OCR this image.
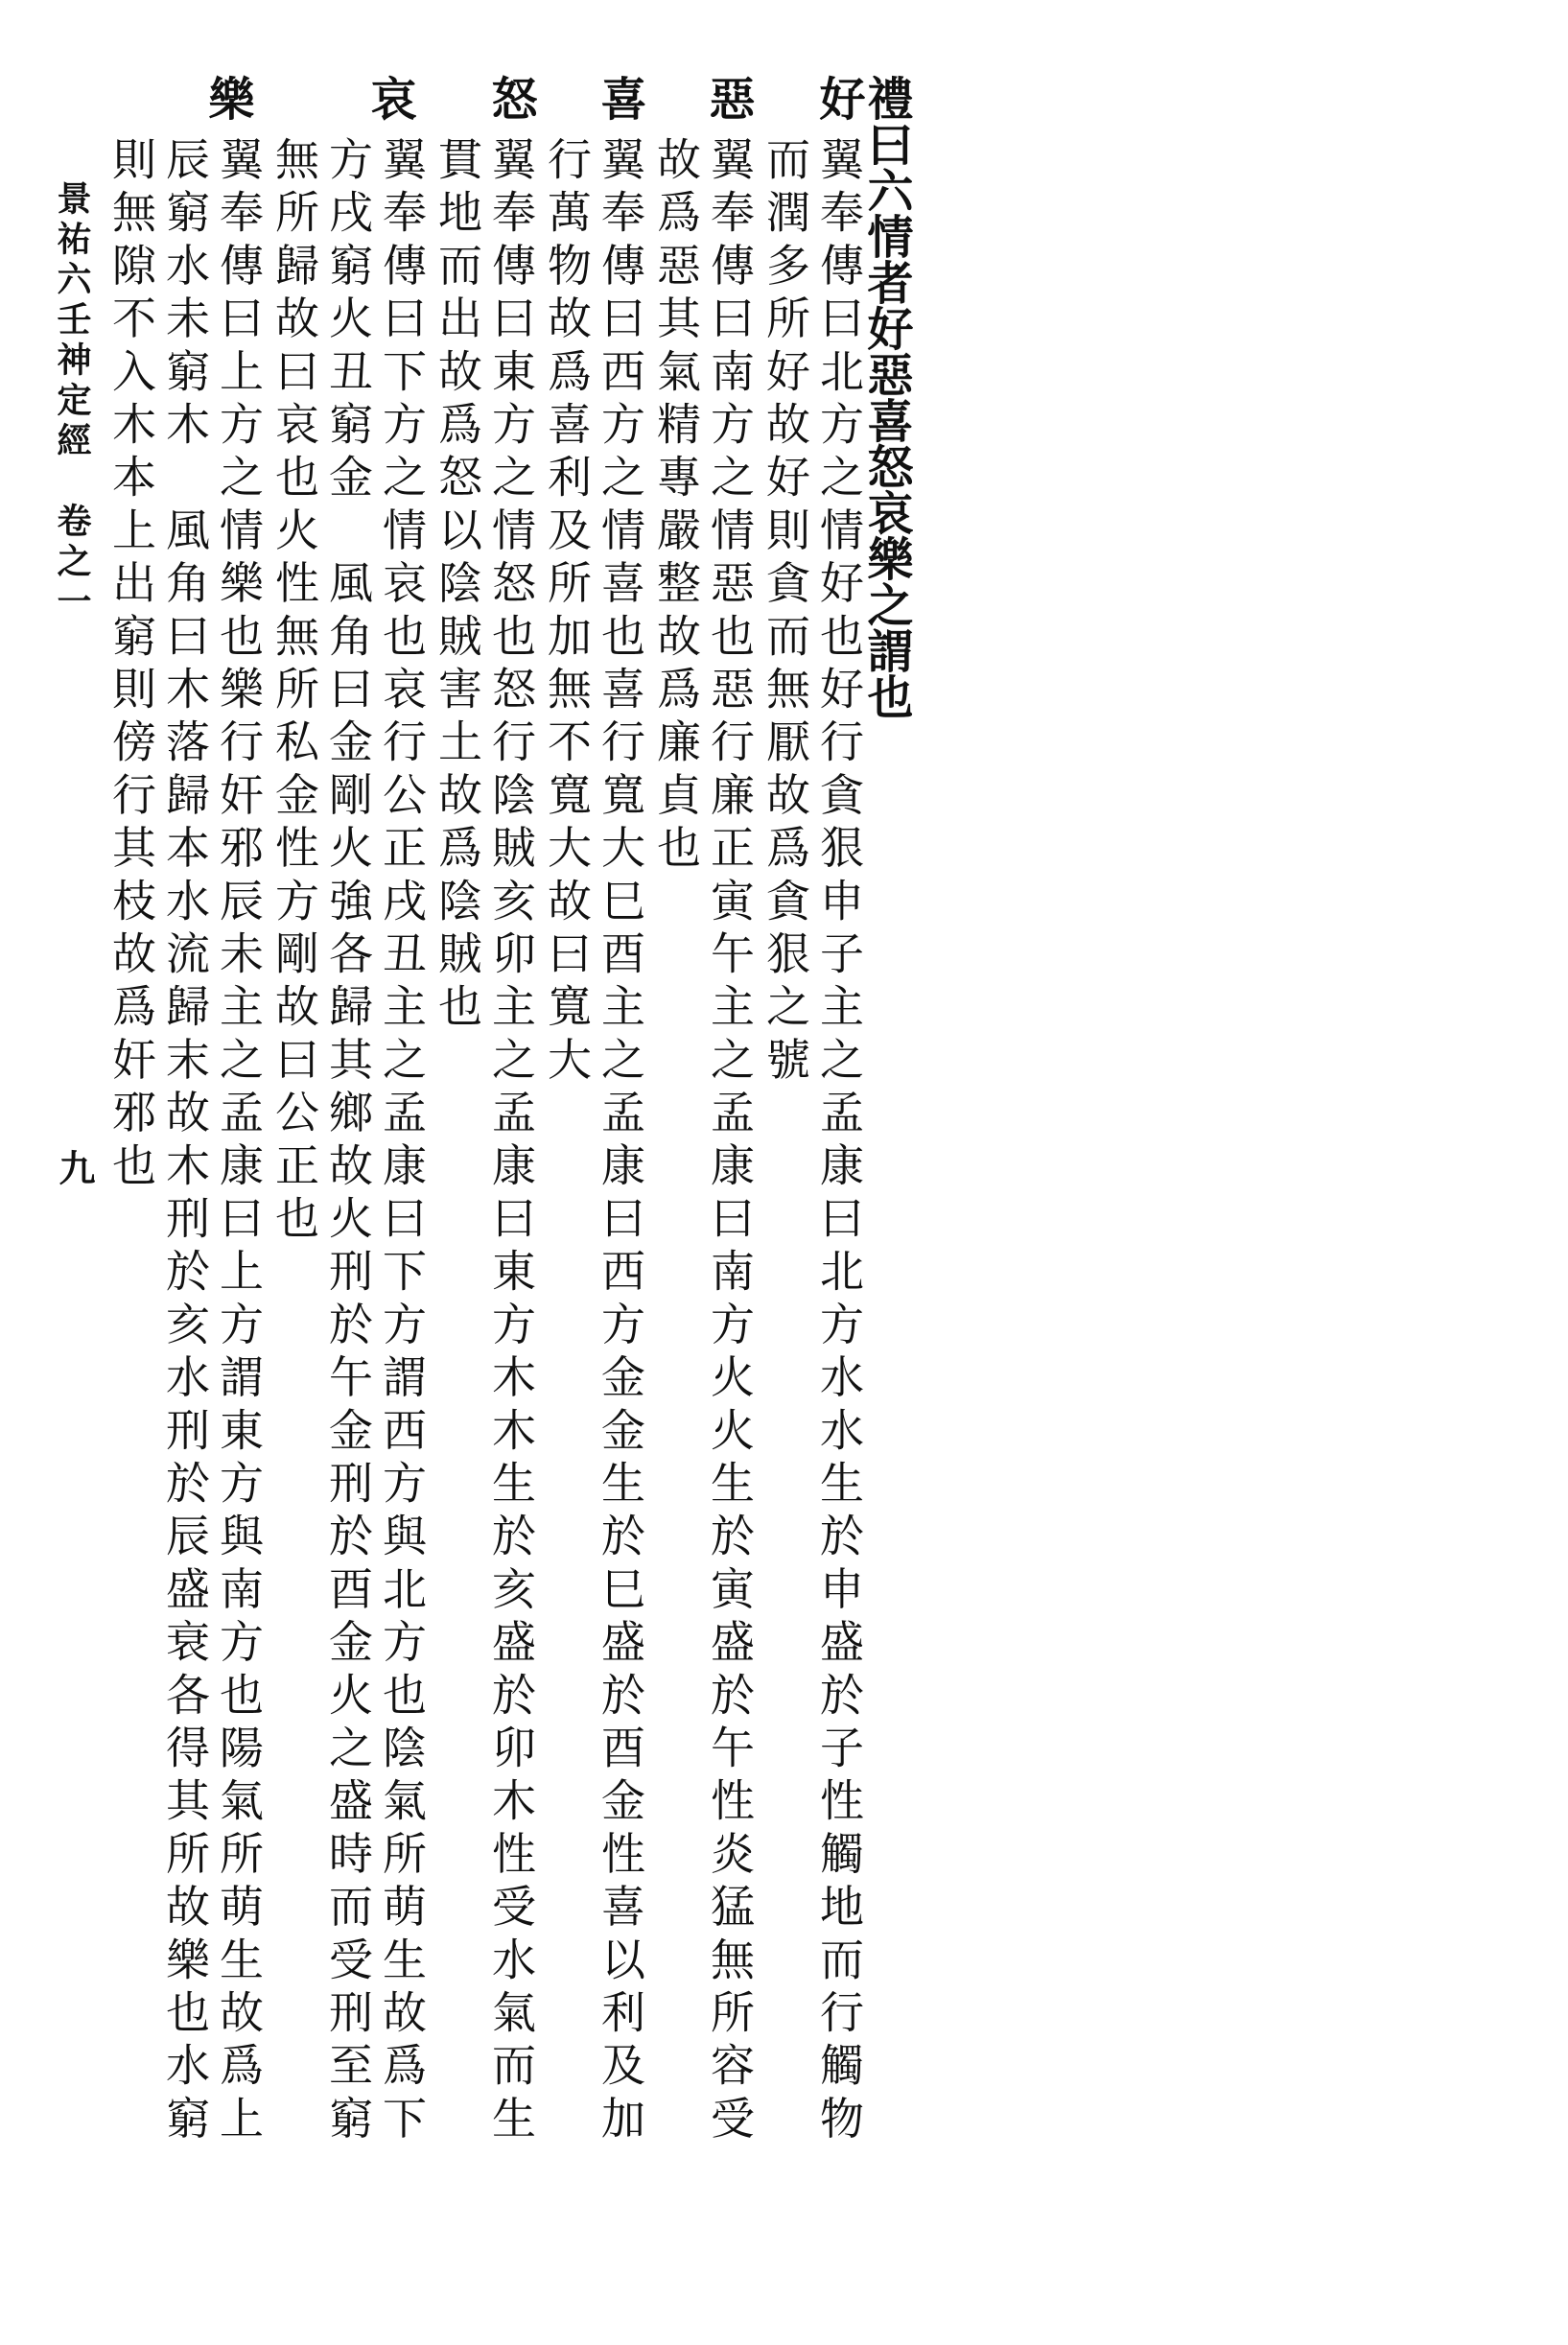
禮曰六情者好惡喜怒哀樂之謂也
好
翼奉傳曰北方之情好也好行貪狠申子主之孟康曰北方水水生於申盛於子性觸地而行觸物
而潤多所好故好則貪而無厭故爲貪狠之號
惡
翼奉傳曰南方之情惡也惡行廉正寅午主之孟康曰南方火火生於寅盛於午性炎猛無所容受
故爲惡其氣精專嚴整故爲廉貞也
喜
翼奉傳曰西方之情喜也喜行寬大巳酉主之孟康曰西方金金生於巳盛於酉金性喜以利及加
行萬物故爲喜利及所加無不寬大故曰寬大
怒
翼奉傳曰東方之情怒也怒行陰賊亥卯主之孟康曰東方木木生於亥盛於卯木性受水氣而生
貫地而出故爲怒以陰賊害土故爲陰賊也
哀
翼奉傳曰下方之情哀也哀行公正戌丑主之孟康曰下方謂西方與北方也陰氣所萌生故爲下
方戌窮火丑窮金　風角曰金剛火強各歸其鄉故火刑於午金刑於酉金火之盛時而受刑至窮
無所歸故曰哀也火性無所私金性方剛故曰公正也
樂
翼奉傳曰上方之情樂也樂行奸邪辰未主之孟康曰上方謂東方與南方也陽氣所萌生故爲上
辰窮水未窮木　風角曰木落歸本水流歸末故木刑於亥水刑於辰盛衰各得其所故樂也水窮
則無隙不入木本上出窮則傍行其枝故爲奸邪也
景祐六壬神定經　卷之一
九
